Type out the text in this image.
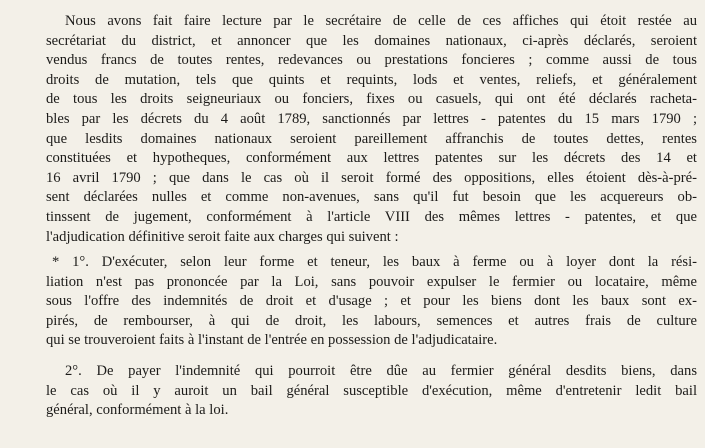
Nous avons fait faire lecture par le secrétaire de celle de ces affiches qui étoit restée au
secrétariat du district, et annoncer que les domaines nationaux, ci-après déclarés, seroient
vendus francs de toutes rentes, redevances ou prestations foncieres ; comme aussi de tous
droits de mutation, tels que quints et requints, lods et ventes, reliefs, et généralement
de tous les droits seigneuriaux ou fonciers, fixes ou casuels, qui ont été déclarés racheta-
bles par les décrets du 4 août 1789, sanctionnés par lettres - patentes du 15 mars 1790 ;
que lesdits domaines nationaux seroient pareillement affranchis de toutes dettes, rentes
constituées et hypotheques, conformément aux lettres patentes sur les décrets des 14 et
16 avril 1790 ; que dans le cas où il seroit formé des oppositions, elles étoient dès-à-pré-
sent déclarées nulles et comme non-avenues, sans qu'il fut besoin que les acquereurs ob-
tinssent de jugement, conformément à l'article VIII des mêmes lettres - patentes, et que
l'adjudication définitive seroit faite aux charges qui suivent :
* 1°. D'exécuter, selon leur forme et teneur, les baux à ferme ou à loyer dont la rési-
liation n'est pas prononcée par la Loi, sans pouvoir expulser le fermier ou locataire, même
sous l'offre des indemnités de droit et d'usage ; et pour les biens dont les baux sont ex-
pirés, de rembourser, à qui de droit, les labours, semences et autres frais de culture
qui se trouveroient faits à l'instant de l'entrée en possession de l'adjudicataire.
2°. De payer l'indemnité qui pourroit être dûe au fermier général desdits biens, dans
le cas où il y auroit un bail général susceptible d'exécution, même d'entretenir ledit bail
général, conformément à la loi.
